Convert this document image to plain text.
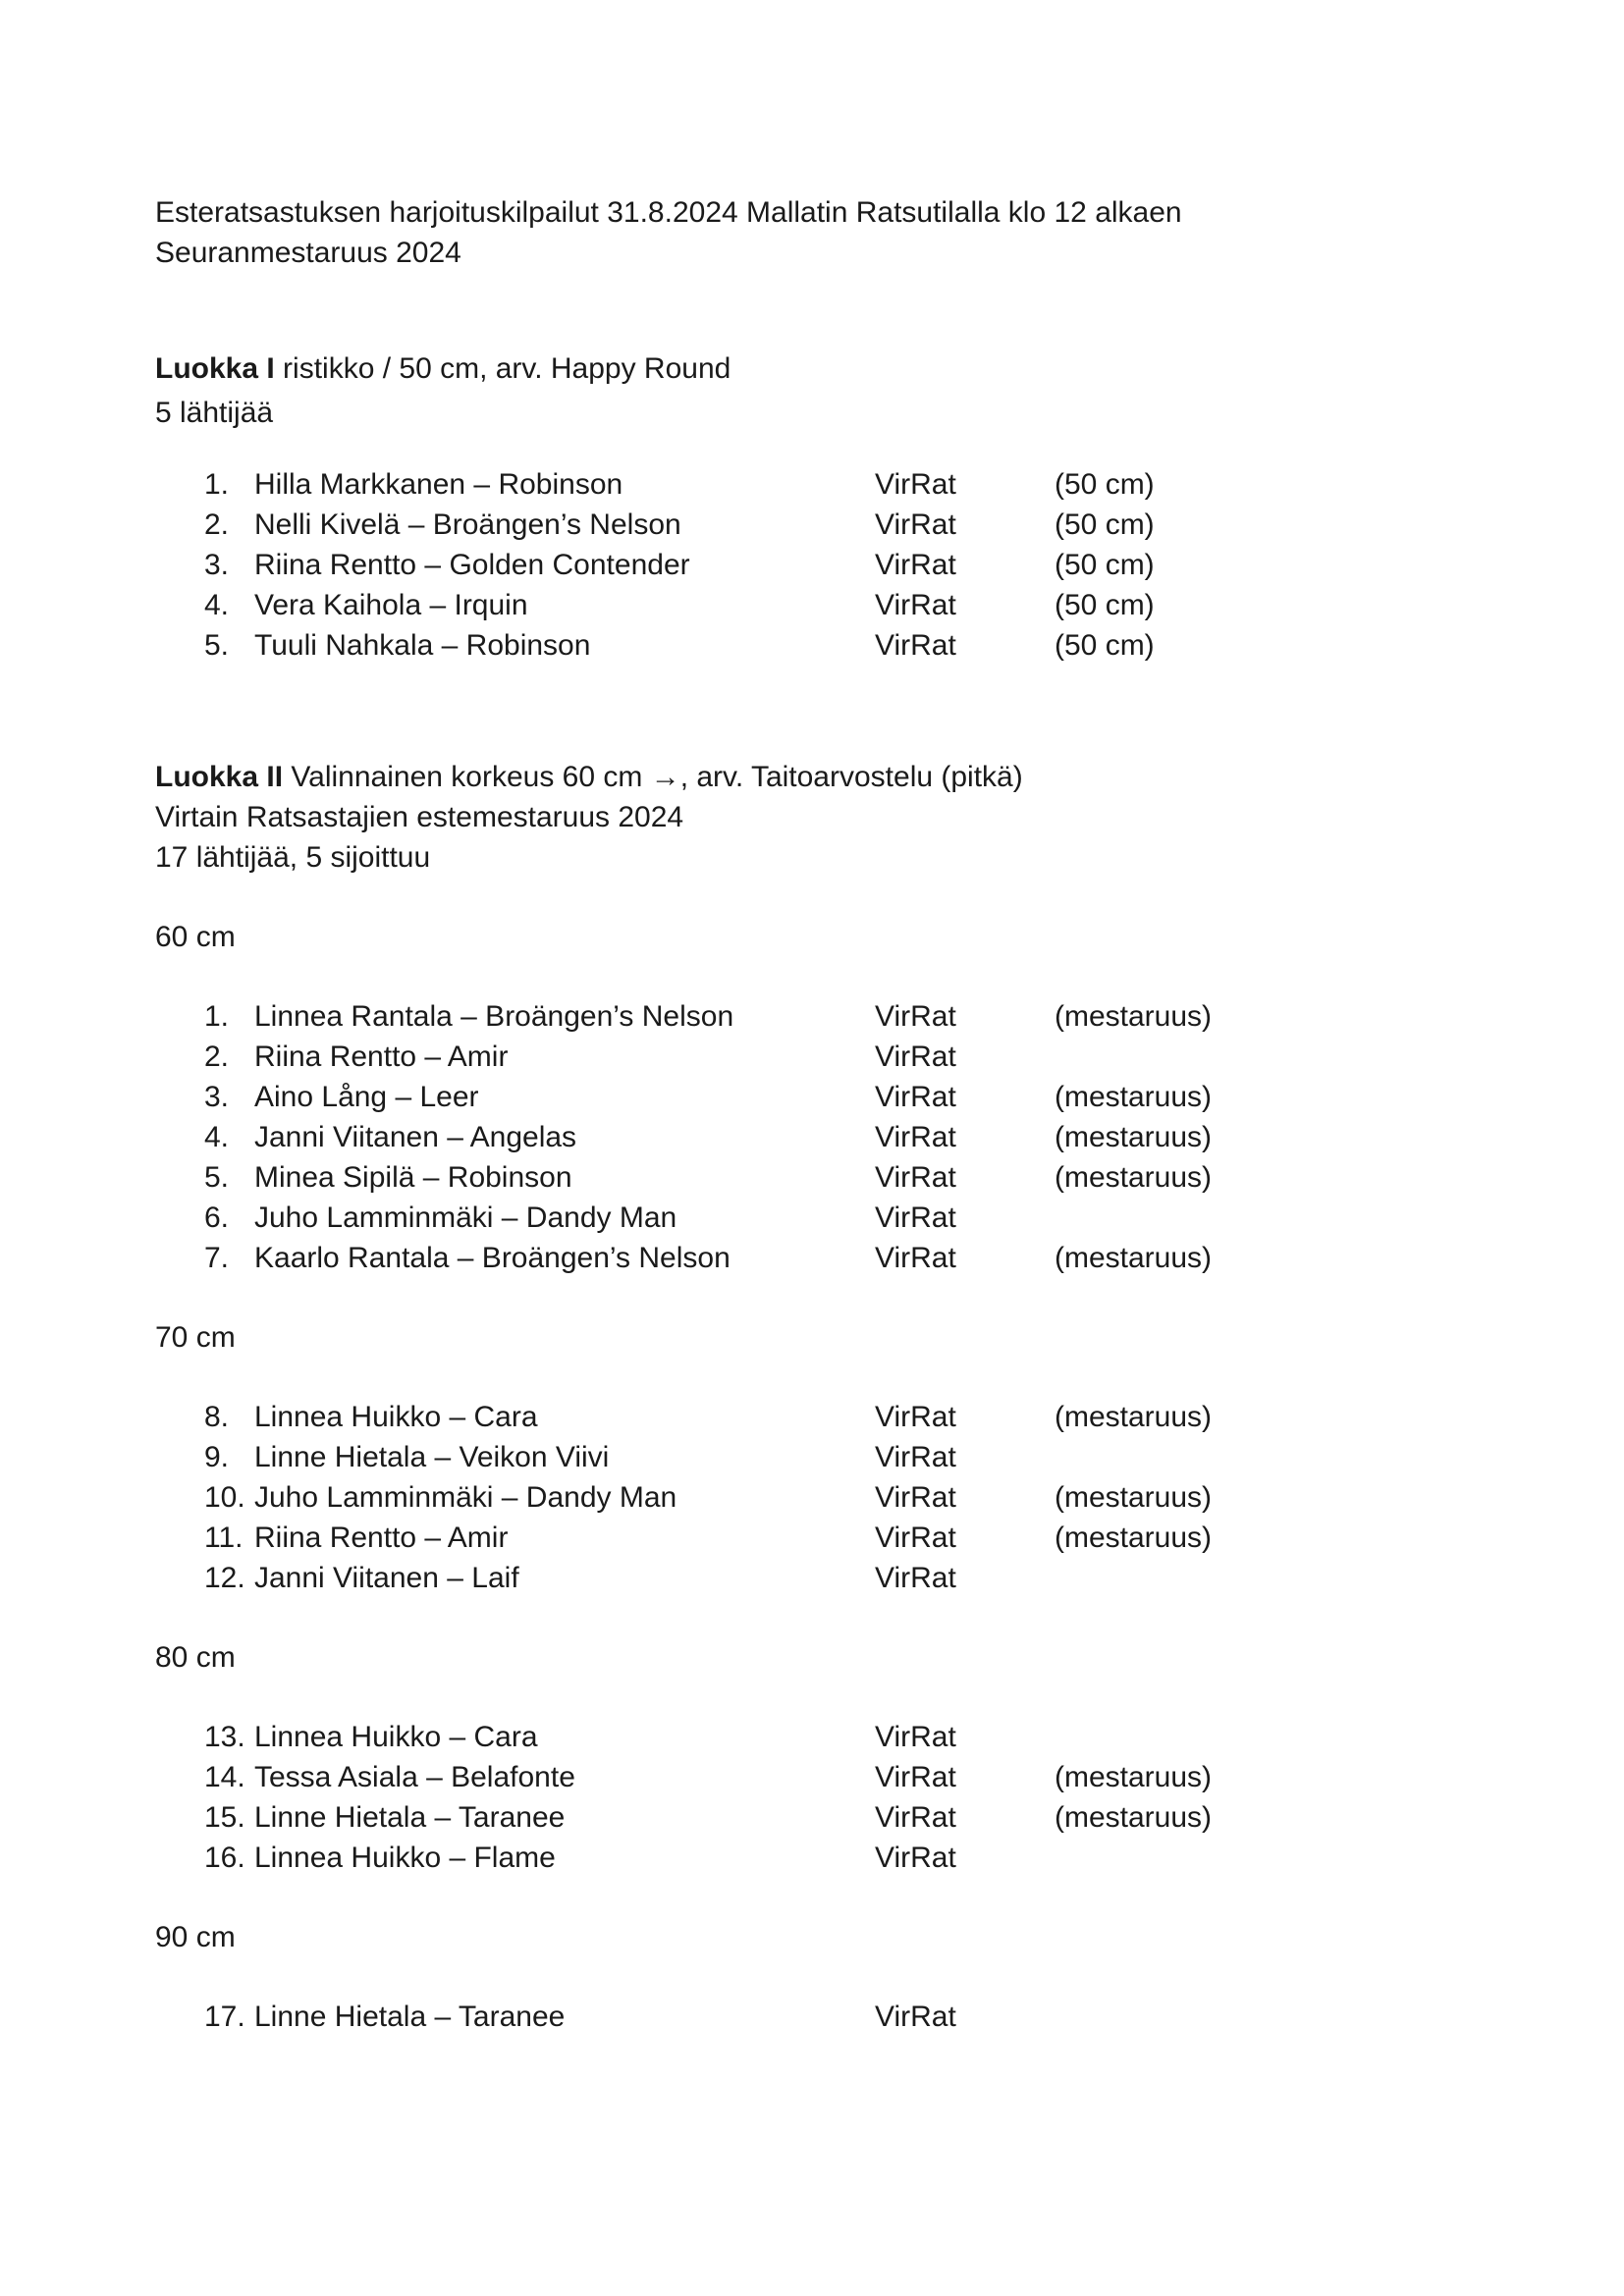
Esteratsastuksen harjoituskilpailut 31.8.2024 Mallatin Ratsutilalla klo 12 alkaen
Seuranmestaruus 2024
Luokka I ristikko / 50 cm, arv. Happy Round
5 lähtijää
1. Hilla Markkanen – Robinson	VirRat	(50 cm)
2. Nelli Kivelä – Broängen’s Nelson	VirRat	(50 cm)
3. Riina Rentto – Golden Contender	VirRat	(50 cm)
4. Vera Kaihola – Irquin	VirRat	(50 cm)
5. Tuuli Nahkala – Robinson	VirRat	(50 cm)
Luokka II Valinnainen korkeus 60 cm →, arv. Taitoarvostelu (pitkä)
Virtain Ratsastajien estemestaruus 2024
17 lähtijää, 5 sijoittuu
60 cm
1. Linnea Rantala – Broängen’s Nelson	VirRat	(mestaruus)
2. Riina Rentto – Amir	VirRat
3. Aino Lång – Leer	VirRat	(mestaruus)
4. Janni Viitanen – Angelas	VirRat	(mestaruus)
5. Minea Sipilä – Robinson	VirRat	(mestaruus)
6. Juho Lamminmäki – Dandy Man	VirRat
7. Kaarlo Rantala – Broängen’s Nelson	VirRat	(mestaruus)
70 cm
8. Linnea Huikko – Cara	VirRat	(mestaruus)
9. Linne Hietala – Veikon Viivi	VirRat
10. Juho Lamminmäki – Dandy Man	VirRat	(mestaruus)
11. Riina Rentto – Amir	VirRat	(mestaruus)
12. Janni Viitanen – Laif	VirRat
80 cm
13. Linnea Huikko – Cara	VirRat
14. Tessa Asiala – Belafonte	VirRat	(mestaruus)
15. Linne Hietala – Taranee	VirRat	(mestaruus)
16. Linnea Huikko – Flame	VirRat
90 cm
17. Linne Hietala – Taranee	VirRat
